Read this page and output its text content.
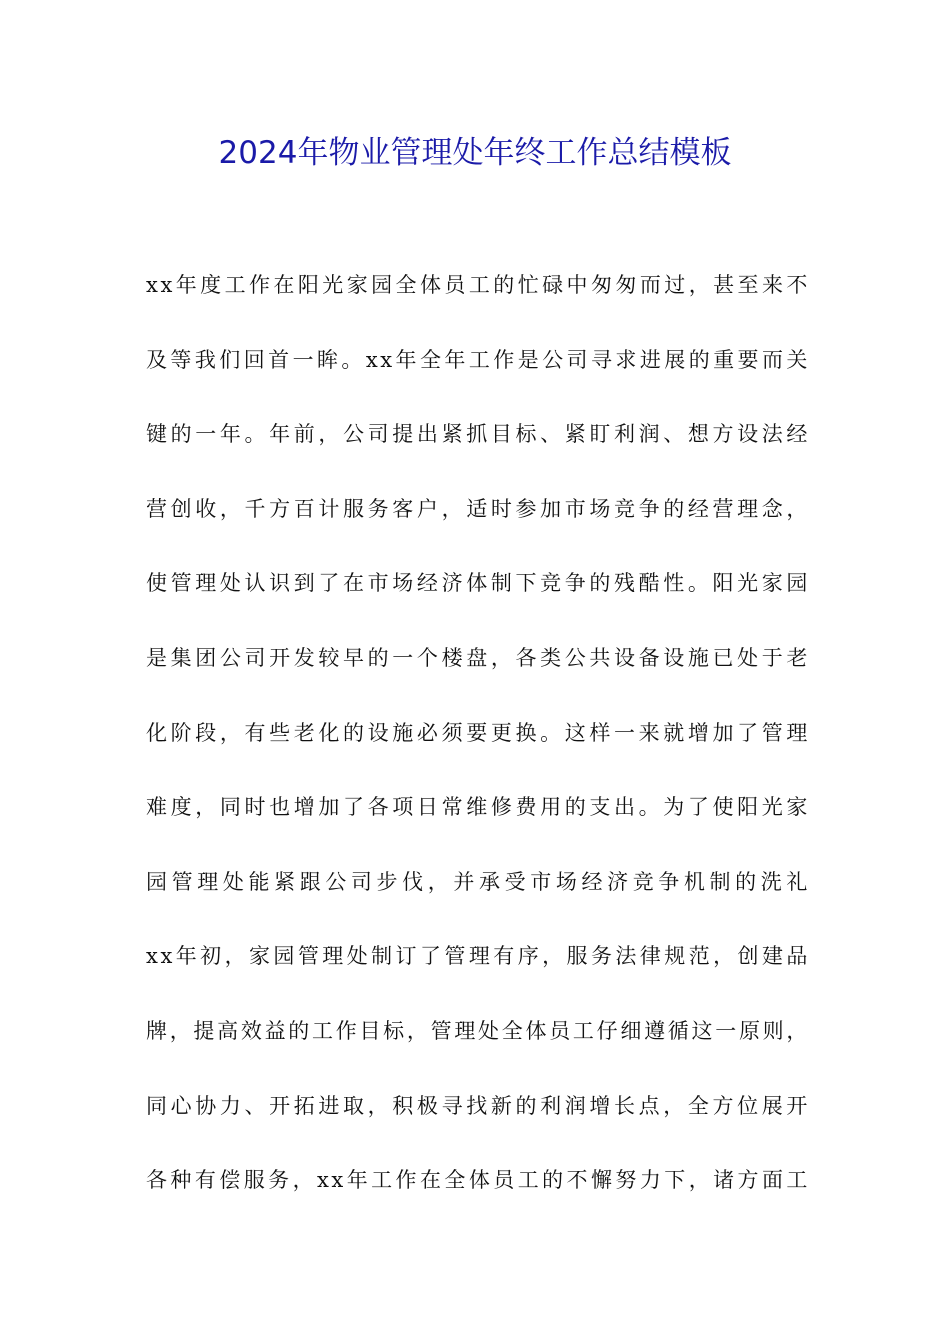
2024年物业管理处年终工作总结模板
xx年度工作在阳光家园全体员工的忙碌中匆匆而过，甚至来不
及等我们回首一眸。xx年全年工作是公司寻求进展的重要而关
键的一年。年前，公司提出紧抓目标、紧盯利润、想方设法经
营创收，千方百计服务客户，适时参加市场竞争的经营理念，
使管理处认识到了在市场经济体制下竞争的残酷性。阳光家园
是集团公司开发较早的一个楼盘，各类公共设备设施已处于老
化阶段，有些老化的设施必须要更换。这样一来就增加了管理
难度，同时也增加了各项日常维修费用的支出。为了使阳光家
园管理处能紧跟公司步伐，并承受市场经济竞争机制的洗礼
xx年初，家园管理处制订了管理有序，服务法律规范，创建品
牌，提高效益的工作目标，管理处全体员工仔细遵循这一原则，
同心协力、开拓进取，积极寻找新的利润增长点，全方位展开
各种有偿服务，xx年工作在全体员工的不懈努力下，诸方面工
